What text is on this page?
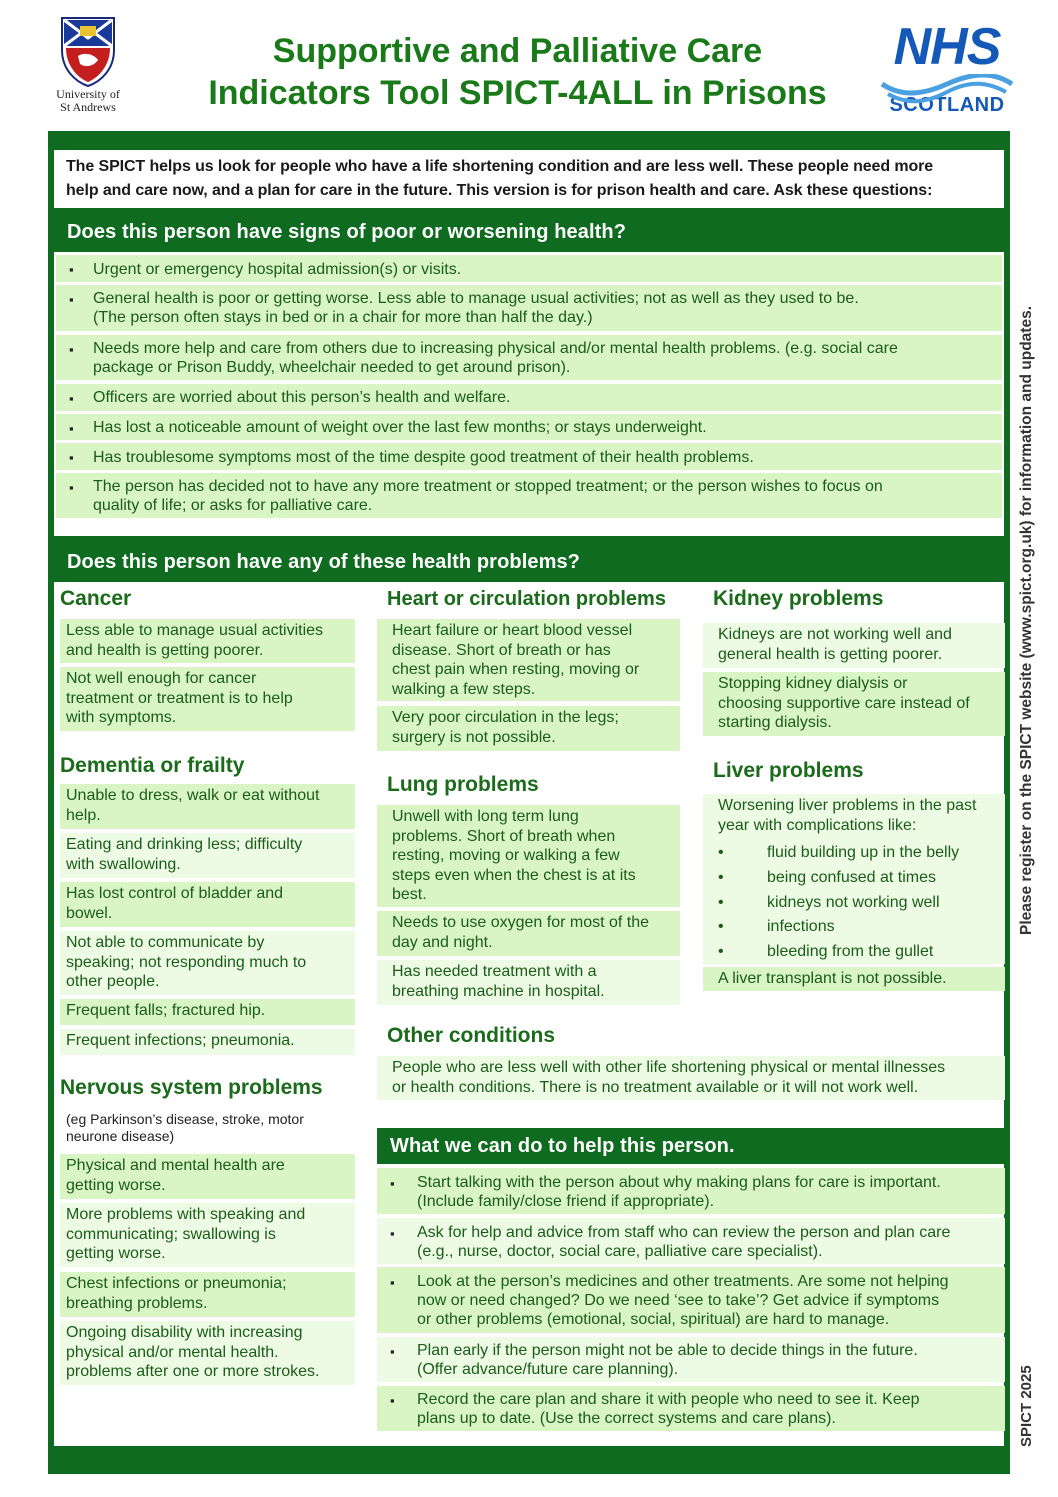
University of
St Andrews
Supportive and Palliative Care
Indicators Tool SPICT-4ALL in Prisons
NHS
SCOTLAND
The SPICT helps us look for people who have a life shortening condition and are less well. These people need more
help and care now, and a plan for care in the future. This version is for prison health and care. Ask these questions:
Does this person have signs of poor or worsening health?
▪ Urgent or emergency hospital admission(s) or visits.
▪ General health is poor or getting worse. Less able to manage usual activities; not as well as they used to be.
(The person often stays in bed or in a chair for more than half the day.)
▪ Needs more help and care from others due to increasing physical and/or mental health problems. (e.g. social care
package or Prison Buddy, wheelchair needed to get around prison).
▪ Officers are worried about this person’s health and welfare.
▪ Has lost a noticeable amount of weight over the last few months; or stays underweight.
▪ Has troublesome symptoms most of the time despite good treatment of their health problems.
▪ The person has decided not to have any more treatment or stopped treatment; or the person wishes to focus on
quality of life; or asks for palliative care.
Does this person have any of these health problems?
Cancer
Less able to manage usual activities
and health is getting poorer.
Not well enough for cancer
treatment or treatment is to help
with symptoms.
Dementia or frailty
Unable to dress, walk or eat without
help.
Eating and drinking less; difficulty
with swallowing.
Has lost control of bladder and
bowel.
Not able to communicate by
speaking; not responding much to
other people.
Frequent falls; fractured hip.
Frequent infections; pneumonia.
Nervous system problems
(eg Parkinson’s disease, stroke, motor
neurone disease)
Physical and mental health are
getting worse.
More problems with speaking and
communicating; swallowing is
getting worse.
Chest infections or pneumonia;
breathing problems.
Ongoing disability with increasing
physical and/or mental health.
problems after one or more strokes.
Heart or circulation problems
Heart failure or heart blood vessel
disease. Short of breath or has
chest pain when resting, moving or
walking a few steps.
Very poor circulation in the legs;
surgery is not possible.
Lung problems
Unwell with long term lung
problems. Short of breath when
resting, moving or walking a few
steps even when the chest is at its
best.
Needs to use oxygen for most of the
day and night.
Has needed treatment with a
breathing machine in hospital.
Kidney problems
Kidneys are not working well and
general health is getting poorer.
Stopping kidney dialysis or
choosing supportive care instead of
starting dialysis.
Liver problems
Worsening liver problems in the past
year with complications like:
•	fluid building up in the belly
•	being confused at times
•	kidneys not working well
•	infections
•	bleeding from the gullet
A liver transplant is not possible.
Other conditions
People who are less well with other life shortening physical or mental illnesses
or health conditions. There is no treatment available or it will not work well.
What we can do to help this person.
▪ Start talking with the person about why making plans for care is important.
(Include family/close friend if appropriate).
▪ Ask for help and advice from staff who can review the person and plan care
(e.g., nurse, doctor, social care, palliative care specialist).
▪ Look at the person’s medicines and other treatments. Are some not helping
now or need changed? Do we need ‘see to take’? Get advice if symptoms
or other problems (emotional, social, spiritual) are hard to manage.
▪ Plan early if the person might not be able to decide things in the future.
(Offer advance/future care planning).
▪ Record the care plan and share it with people who need to see it. Keep
plans up to date. (Use the correct systems and care plans).
Please register on the SPICT website (www.spict.org.uk) for information and updates.
SPICT 2025
